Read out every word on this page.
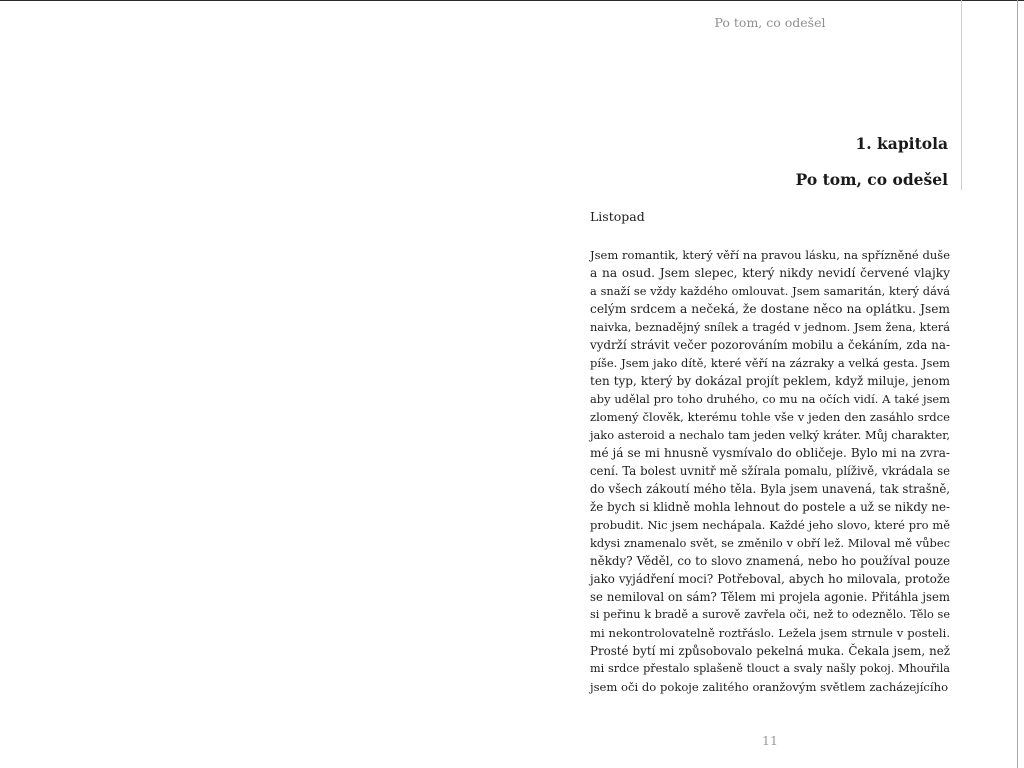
Po tom, co odešel
1. kapitola
Po tom, co odešel
Listopad
Jsem romantik, který věří na pravou lásku, na spřízněné duše
a na osud. Jsem slepec, který nikdy nevidí červené vlajky
a snaží se vždy každého omlouvat. Jsem samaritán, který dává
celým srdcem a nečeká, že dostane něco na oplátku. Jsem
naivka, beznadějný snílek a tragéd v jednom. Jsem žena, která
vydrží strávit večer pozorováním mobilu a čekáním, zda na-
píše. Jsem jako dítě, které věří na zázraky a velká gesta. Jsem
ten typ, který by dokázal projít peklem, když miluje, jenom
aby udělal pro toho druhého, co mu na očích vidí. A také jsem
zlomený člověk, kterému tohle vše v jeden den zasáhlo srdce
jako asteroid a nechalo tam jeden velký kráter. Můj charakter,
mé já se mi hnusně vysmívalo do obličeje. Bylo mi na zvra-
cení. Ta bolest uvnitř mě sžírala pomalu, plíživě, vkrádala se
do všech zákoutí mého těla. Byla jsem unavená, tak strašně,
že bych si klidně mohla lehnout do postele a už se nikdy ne-
probudit. Nic jsem nechápala. Každé jeho slovo, které pro mě
kdysi znamenalo svět, se změnilo v obří lež. Miloval mě vůbec
někdy? Věděl, co to slovo znamená, nebo ho používal pouze
jako vyjádření moci? Potřeboval, abych ho milovala, protože
se nemiloval on sám? Tělem mi projela agonie. Přitáhla jsem
si peřinu k bradě a surově zavřela oči, než to odeznělo. Tělo se
mi nekontrolovatelně roztřáslo. Ležela jsem strnule v posteli.
Prosté bytí mi způsobovalo pekelná muka. Čekala jsem, než
mi srdce přestalo splašeně tlouct a svaly našly pokoj. Mhouřila
jsem oči do pokoje zalitého oranžovým světlem zacházejícího
11
